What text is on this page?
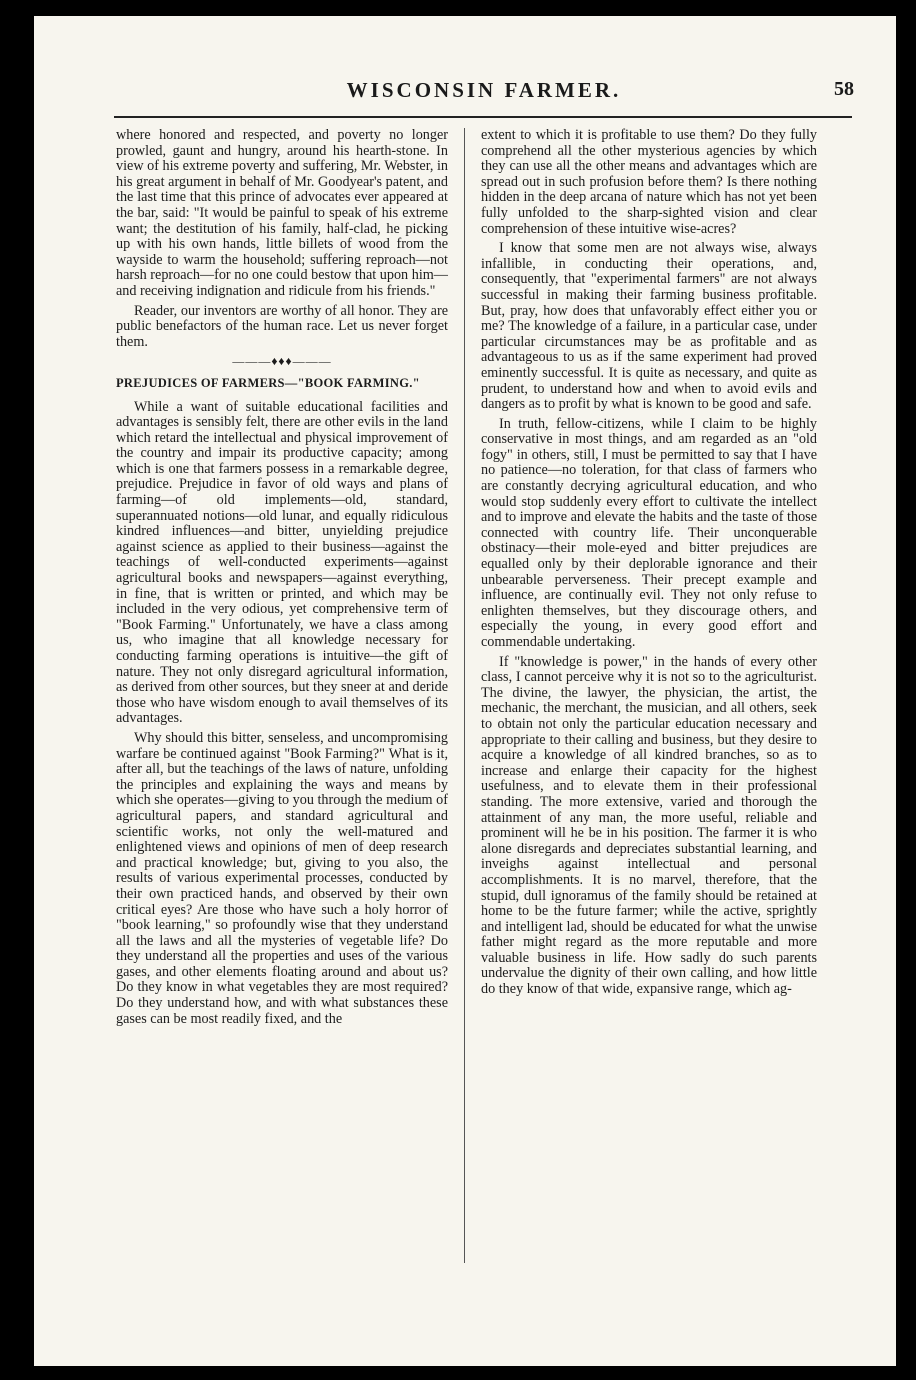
WISCONSIN FARMER.	58

where honored and respected, and poverty no longer prowled, gaunt and hungry, around his hearth-stone. In view of his extreme poverty and suffering, Mr. Webster, in his great argument in behalf of Mr. Goodyear's patent, and the last time that this prince of advocates ever appeared at the bar, said: "It would be painful to speak of his extreme want; the destitution of his family, half-clad, he picking up with his own hands, little billets of wood from the wayside to warm the household; suffering reproach—not harsh reproach—for no one could bestow that upon him—and receiving indignation and ridicule from his friends."

Reader, our inventors are worthy of all honor. They are public benefactors of the human race. Let us never forget them.

———♦♦♦———

PREJUDICES OF FARMERS—"BOOK FARMING."

While a want of suitable educational facilities and advantages is sensibly felt, there are other evils in the land which retard the intellectual and physical improvement of the country and impair its productive capacity; among which is one that farmers possess in a remarkable degree, prejudice. Prejudice in favor of old ways and plans of farming—of old implements—old, standard, superannuated notions—old lunar, and equally ridiculous kindred influences—and bitter, unyielding prejudice against science as applied to their business—against the teachings of well-conducted experiments—against agricultural books and newspapers—against everything, in fine, that is written or printed, and which may be included in the very odious, yet comprehensive term of "Book Farming." Unfortunately, we have a class among us, who imagine that all knowledge necessary for conducting farming operations is intuitive—the gift of nature. They not only disregard agricultural information, as derived from other sources, but they sneer at and deride those who have wisdom enough to avail themselves of its advantages.

Why should this bitter, senseless, and uncompromising warfare be continued against "Book Farming?" What is it, after all, but the teachings of the laws of nature, unfolding the principles and explaining the ways and means by which she operates—giving to you through the medium of agricultural papers, and standard agricultural and scientific works, not only the well-matured and enlightened views and opinions of men of deep research and practical knowledge; but, giving to you also, the results of various experimental processes, conducted by their own practiced hands, and observed by their own critical eyes? Are those who have such a holy horror of "book learning," so profoundly wise that they understand all the laws and all the mysteries of vegetable life? Do they understand all the properties and uses of the various gases, and other elements floating around and about us? Do they know in what vegetables they are most required? Do they understand how, and with what substances these gases can be most readily fixed, and the

extent to which it is profitable to use them? Do they fully comprehend all the other mysterious agencies by which they can use all the other means and advantages which are spread out in such profusion before them? Is there nothing hidden in the deep arcana of nature which has not yet been fully unfolded to the sharp-sighted vision and clear comprehension of these intuitive wise-acres?

I know that some men are not always wise, always infallible, in conducting their operations, and, consequently, that "experimental farmers" are not always successful in making their farming business profitable. But, pray, how does that unfavorably effect either you or me? The knowledge of a failure, in a particular case, under particular circumstances may be as profitable and as advantageous to us as if the same experiment had proved eminently successful. It is quite as necessary, and quite as prudent, to understand how and when to avoid evils and dangers as to profit by what is known to be good and safe.

In truth, fellow-citizens, while I claim to be highly conservative in most things, and am regarded as an "old fogy" in others, still, I must be permitted to say that I have no patience—no toleration, for that class of farmers who are constantly decrying agricultural education, and who would stop suddenly every effort to cultivate the intellect and to improve and elevate the habits and the taste of those connected with country life. Their unconquerable obstinacy—their mole-eyed and bitter prejudices are equalled only by their deplorable ignorance and their unbearable perverseness. Their precept example and influence, are continually evil. They not only refuse to enlighten themselves, but they discourage others, and especially the young, in every good effort and commendable undertaking.

If "knowledge is power," in the hands of every other class, I cannot perceive why it is not so to the agriculturist. The divine, the lawyer, the physician, the artist, the mechanic, the merchant, the musician, and all others, seek to obtain not only the particular education necessary and appropriate to their calling and business, but they desire to acquire a knowledge of all kindred branches, so as to increase and enlarge their capacity for the highest usefulness, and to elevate them in their professional standing. The more extensive, varied and thorough the attainment of any man, the more useful, reliable and prominent will he be in his position. The farmer it is who alone disregards and depreciates substantial learning, and inveighs against intellectual and personal accomplishments. It is no marvel, therefore, that the stupid, dull ignoramus of the family should be retained at home to be the future farmer; while the active, sprightly and intelligent lad, should be educated for what the unwise father might regard as the more reputable and more valuable business in life. How sadly do such parents undervalue the dignity of their own calling, and how little do they know of that wide, expansive range, which ag-
